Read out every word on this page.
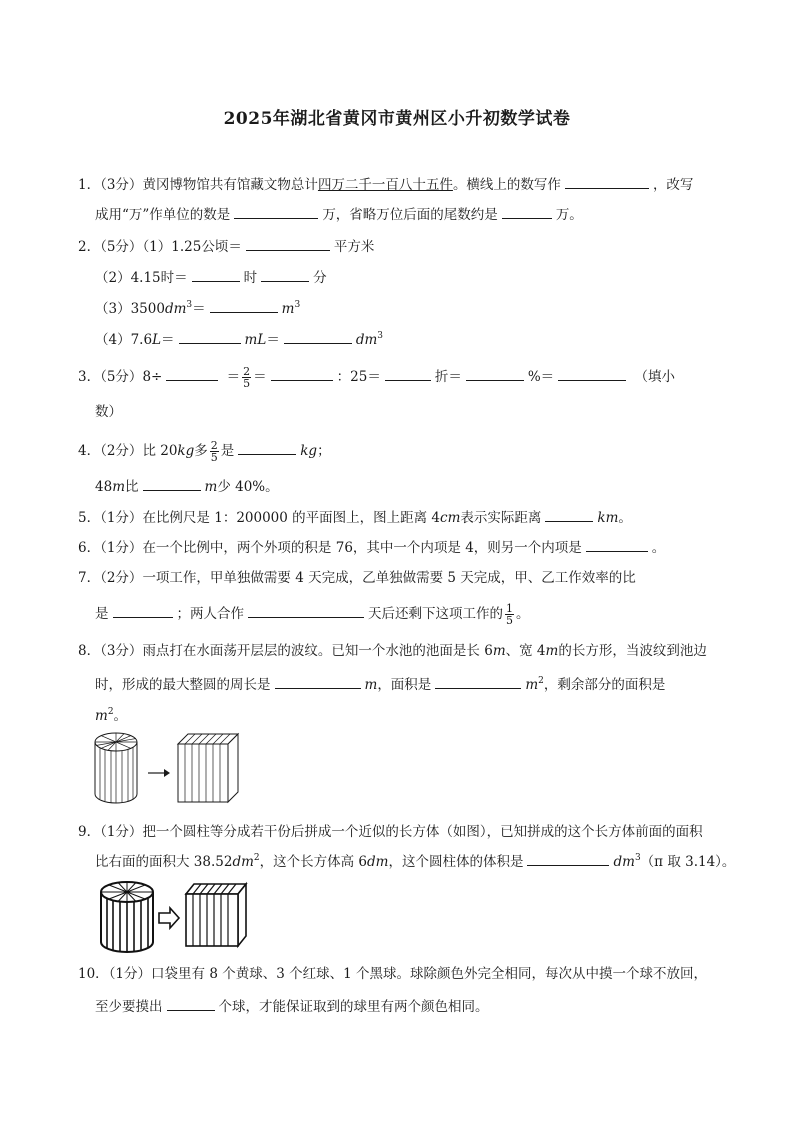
2025年湖北省黄冈市黄州区小升初数学试卷
1．（3分）黄冈博物馆共有馆藏文物总计四万二千一百八十五件。横线上的数写作	，改写
成用“万”作单位的数是	万，省略万位后面的尾数约是	万。
2．（5分）（1）1.25公顷＝	平方米
（2）4.15时＝	时	分
$(3)3500dm^3=$	$m^3$
（4）7.6L＝	mL＝	$dm^3$
3．（5分）8÷	＝ $\frac{2}{5}$ ＝	：25＝	折＝	%＝	（填小
数）
4．（2分）比 20kg多 $\frac{2}{5}$ 是	kg；
48m比	m少 40%。
5．（1分）在比例尺是 1：200000 的平面图上，图上距离 4cm表示实际距离	km。
6．（1分）在一个比例中，两个外项的积是 76，其中一个内项是 4，则另一个内项是	。
7．（2分）一项工作，甲单独做需要 4 天完成，乙单独做需要 5 天完成，甲、乙工作效率的比
是	；两人合作	天后还剩下这项工作的 $\frac{1}{5}$ 。
8．（3分）雨点打在水面荡开层层的波纹。已知一个水池的池面是长 6m、宽 4m的长方形，当波纹到池边
时，形成的最大整圆的周长是	m，面积是	$m^2$，剩余部分的面积是
$m^2$。
9．（1分）把一个圆柱等分成若干份后拼成一个近似的长方体（如图），已知拼成的这个长方体前面的面积
比右面的面积大 $38.52dm^2$，这个长方体高 6dm，这个圆柱体的体积是	$dm^3(\pi$ 取 3.14）。
10．（1分）口袋里有 8 个黄球、3 个红球、1 个黑球。球除颜色外完全相同，每次从中摸一个球不放回，
至少要摸出	个球，才能保证取到的球里有两个颜色相同。
